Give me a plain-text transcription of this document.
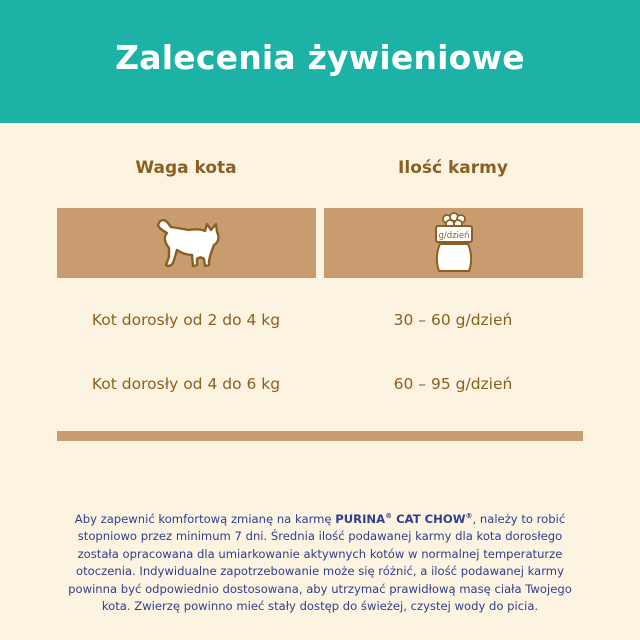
Zalecenia żywieniowe
Waga kota	Ilość karmy
g/dzień
Kot dorosły od 2 do 4 kg	30 – 60 g/dzień
Kot dorosły od 4 do 6 kg	60 – 95 g/dzień

Aby zapewnić komfortową zmianę na karmę PURINA® CAT CHOW®, należy to robić stopniowo przez minimum 7 dni. Średnia ilość podawanej karmy dla kota dorosłego została opracowana dla umiarkowanie aktywnych kotów w normalnej temperaturze otoczenia. Indywidualne zapotrzebowanie może się różnić, a ilość podawanej karmy powinna być odpowiednio dostosowana, aby utrzymać prawidłową masę ciała Twojego kota. Zwierzę powinno mieć stały dostęp do świeżej, czystej wody do picia.
